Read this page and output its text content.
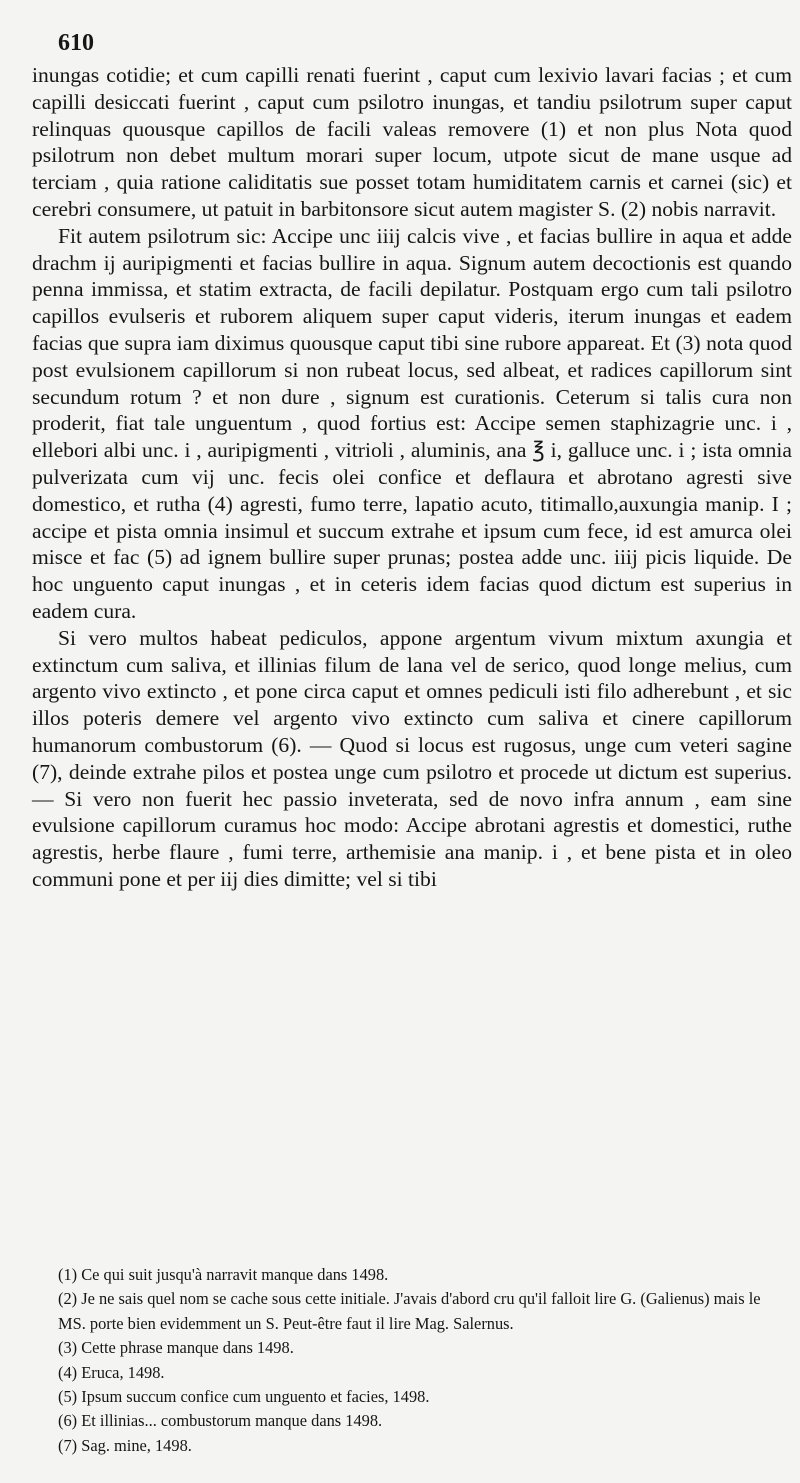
610

inungas cotidie; et cum capilli renati fuerint , caput cum lexivio lavari facias ; et cum capilli desiccati fuerint , caput cum psilotro inungas, et tandiu psilotrum super caput relinquas quousque capillos de facili valeas removere (1) et non plus Nota quod psilotrum non debet multum morari super locum, utpote sicut de mane usque ad terciam , quia ratione caliditatis sue posset totam humiditatem carnis et carnei (sic) et cerebri consumere, ut patuit in barbitonsore sicut autem magister S. (2) nobis narravit.

Fit autem psilotrum sic: Accipe unc iiij calcis vive , et facias bullire in aqua et adde drachm ij auripigmenti et facias bullire in aqua. Signum autem decoctionis est quando penna immissa, et statim extracta, de facili depilatur. Postquam ergo cum tali psilotro capillos evulseris et ruborem aliquem super caput videris, iterum inungas et eadem facias que supra iam diximus quousque caput tibi sine rubore appareat. Et (3) nota quod post evulsionem capillorum si non rubeat locus, sed albeat, et radices capillorum sint secundum rotum ? et non dure , signum est curationis. Ceterum si talis cura non proderit, fiat tale unguentum , quod fortius est: Accipe semen staphizagrie unc. i , ellebori albi unc. i , auripigmenti , vitrioli , aluminis, ana ℥ i, galluce unc. i ; ista omnia pulverizata cum vij unc. fecis olei confice et deflaura et abrotano agresti sive domestico, et rutha (4) agresti, fumo terre, lapatio acuto, titimallo,auxungia manip. I ; accipe et pista omnia insimul et succum extrahe et ipsum cum fece, id est amurca olei misce et fac (5) ad ignem bullire super prunas; postea adde unc. iiij picis liquide. De hoc unguento caput inungas , et in ceteris idem facias quod dictum est superius in eadem cura.

Si vero multos habeat pediculos, appone argentum vivum mixtum axungia et extinctum cum saliva, et illinias filum de lana vel de serico, quod longe melius, cum argento vivo extincto , et pone circa caput et omnes pediculi isti filo adherebunt , et sic illos poteris demere vel argento vivo extincto cum saliva et cinere capillorum humanorum combustorum (6). — Quod si locus est rugosus, unge cum veteri sagine (7), deinde extrahe pilos et postea unge cum psilotro et procede ut dictum est superius. — Si vero non fuerit hec passio inveterata, sed de novo infra annum , eam sine evulsione capillorum curamus hoc modo: Accipe abrotani agrestis et domestici, ruthe agrestis, herbe flaure , fumi terre, arthemisie ana manip. i , et bene pista et in oleo communi pone et per iij dies dimitte; vel si tibi

(1) Ce qui suit jusqu'à narravit manque dans 1498.

(2) Je ne sais quel nom se cache sous cette initiale. J'avais d'abord cru qu'il falloit lire G. (Galienus) mais le MS. porte bien evidemment un S. Peut-être faut il lire Mag. Salernus.

(3) Cette phrase manque dans 1498.

(4) Eruca, 1498.

(5) Ipsum succum confice cum unguento et facies, 1498.

(6) Et illinias... combustorum manque dans 1498.

(7) Sag. mine, 1498.
